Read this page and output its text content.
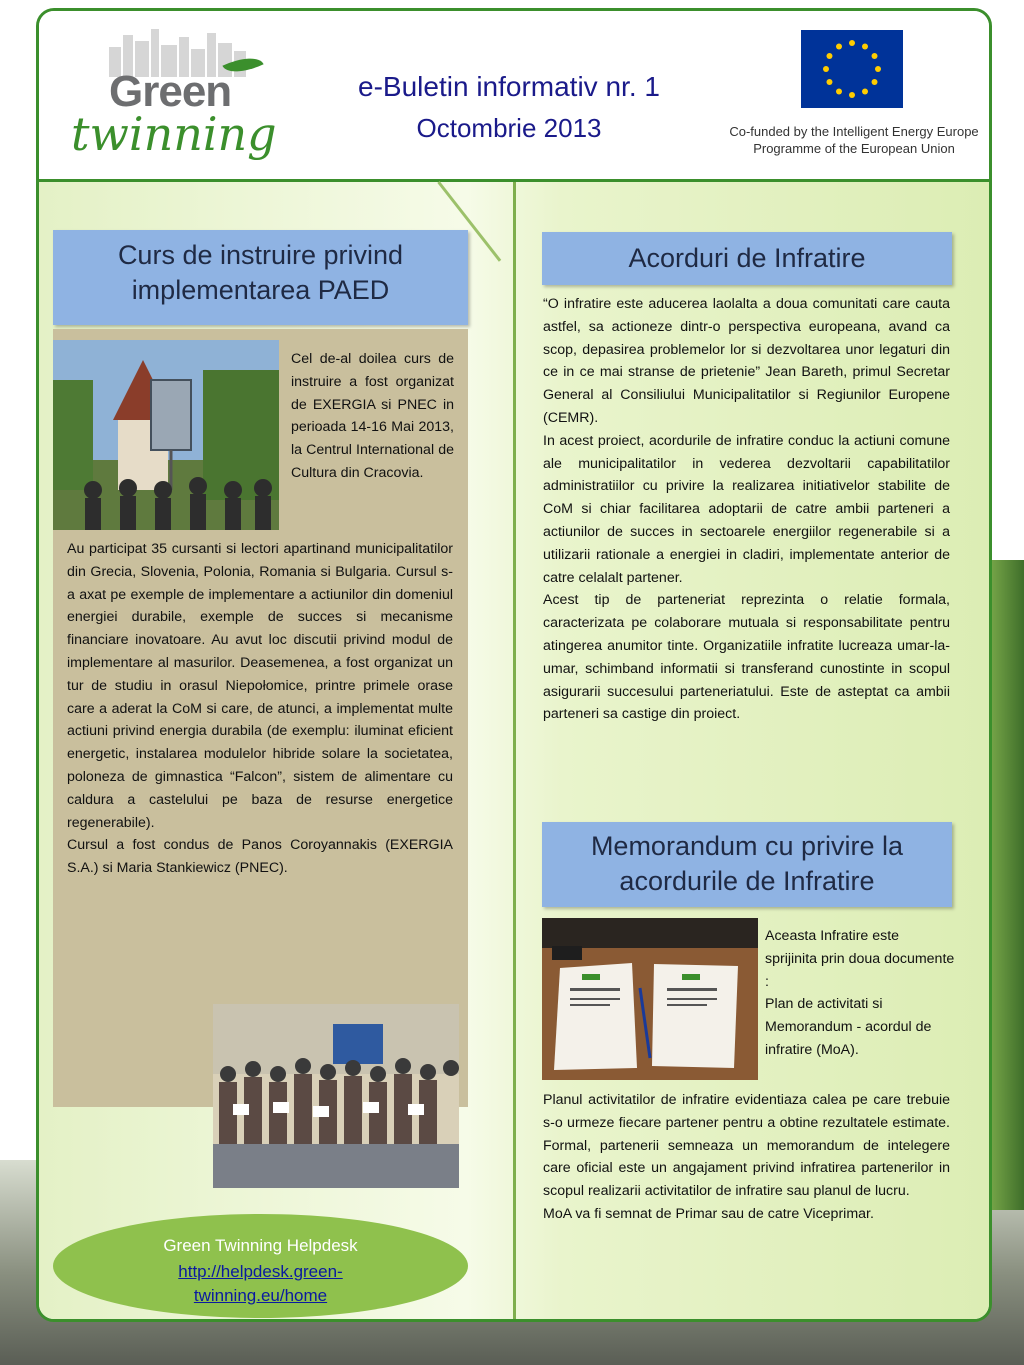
Green
twinning
e-Buletin informativ nr. 1
Octombrie 2013	Co-funded by the Intelligent Energy Europe
Programme of the European Union
Curs de instruire privind implementarea PAED

Cel de-al doilea curs de instruire a fost organizat de EXERGIA si PNEC in perioada 14-16 Mai 2013, la Centrul International de Cultura din Cracovia.

Au participat 35 cursanti si lectori apartinand municipalitatilor din Grecia, Slovenia, Polonia, Romania si Bulgaria. Cursul s-a axat pe exemple de implementare a actiunilor din domeniul energiei durabile, exemple de succes si mecanisme financiare inovatoare. Au avut loc discutii privind modul de implementare al masurilor. Deasemenea, a fost organizat un tur de studiu in orasul Niepołomice, printre primele orase care a aderat la CoM si care, de atunci, a implementat multe actiuni privind energia durabila (de exemplu: iluminat eficient energetic, instalarea modulelor hibride solare la societatea, poloneza de gimnastica “Falcon”, sistem de alimentare cu caldura a castelului pe baza de resurse energetice regenerabile).

Cursul a fost condus de Panos Coroyannakis (EXERGIA S.A.) si Maria Stankiewicz (PNEC).

Green Twinning Helpdesk
http://helpdesk.green-twinning.eu/home
Acorduri de Infratire

“O infratire este aducerea laolalta a doua comunitati care cauta astfel, sa actioneze dintr-o perspectiva europeana, avand ca scop, depasirea problemelor lor si dezvoltarea unor legaturi din ce in ce mai stranse de prietenie” Jean Bareth, primul Secretar General al Consiliului Municipalitatilor si Regiunilor Europene (CEMR).

In acest proiect, acordurile de infratire conduc la actiuni comune ale municipalitatilor in vederea dezvoltarii capabilitatilor administratiilor cu privire la realizarea initiativelor stabilite de CoM si chiar facilitarea adoptarii de catre ambii parteneri a actiunilor de succes in sectoarele energiilor regenerabile si a utilizarii rationale a energiei in cladiri, implementate anterior de catre celalalt partener.

Acest tip de parteneriat reprezinta o relatie formala, caracterizata pe colaborare mutuala si responsabilitate pentru atingerea anumitor tinte. Organizatiile infratite lucreaza umar-la-umar, schimband informatii si transferand cunostinte in scopul asigurarii succesului parteneriatului. Este de asteptat ca ambii parteneri sa castige din proiect.

Memorandum cu privire la acordurile de Infratire

Aceasta Infratire este sprijinita prin doua documente :

Plan de activitati si Memorandum - acordul de infratire (MoA).

Planul activitatilor de infratire evidentiaza calea pe care trebuie s-o urmeze fiecare partener pentru a obtine rezultatele estimate. Formal, partenerii semneaza un memorandum de intelegere care oficial este un angajament privind infratirea partenerilor in scopul realizarii activitatilor de infratire sau planul de lucru.

MoA va fi semnat de Primar sau de catre Viceprimar.
